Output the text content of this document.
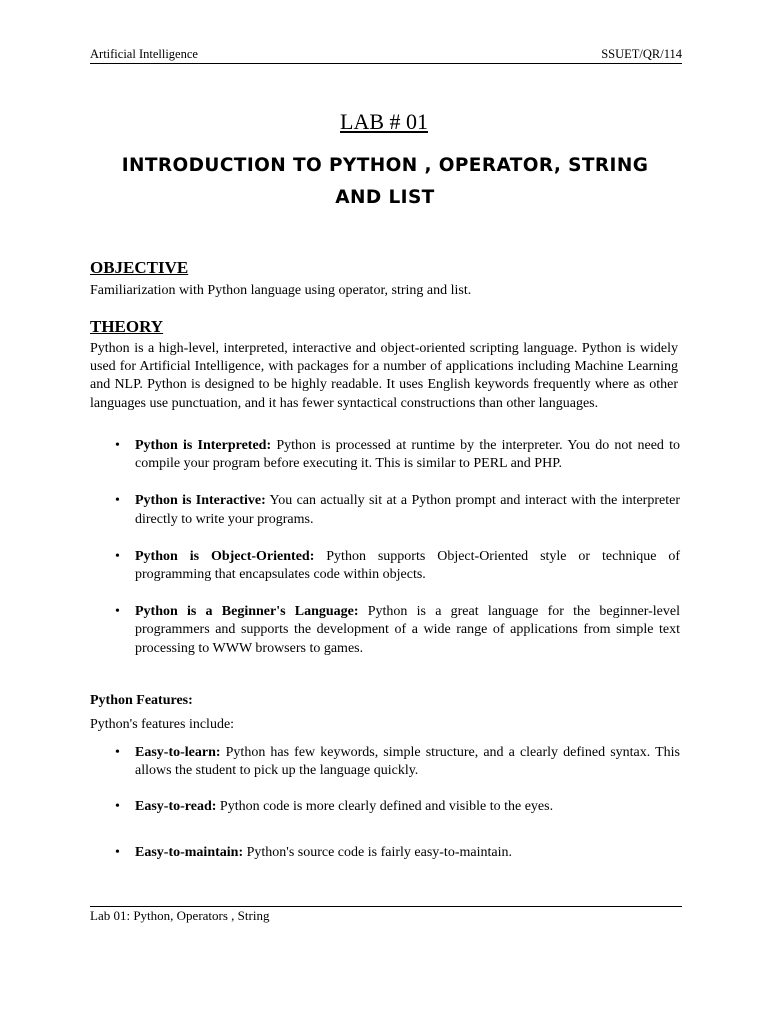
Artificial Intelligence	SSUET/QR/114
LAB # 01
INTRODUCTION TO PYTHON , OPERATOR, STRING
AND LIST
OBJECTIVE
Familiarization with Python language using operator, string and list.
THEORY
Python is a high-level, interpreted, interactive and object-oriented scripting language. Python is widely used for Artificial Intelligence, with packages for a number of applications including Machine Learning and NLP. Python is designed to be highly readable. It uses English keywords frequently where as other languages use punctuation, and it has fewer syntactical constructions than other languages.
• Python is Interpreted: Python is processed at runtime by the interpreter. You do not need to compile your program before executing it. This is similar to PERL and PHP.
• Python is Interactive: You can actually sit at a Python prompt and interact with the interpreter directly to write your programs.
• Python is Object-Oriented: Python supports Object-Oriented style or technique of programming that encapsulates code within objects.
• Python is a Beginner's Language: Python is a great language for the beginner-level programmers and supports the development of a wide range of applications from simple text processing to WWW browsers to games.
Python Features:
Python's features include:
• Easy-to-learn: Python has few keywords, simple structure, and a clearly defined syntax. This allows the student to pick up the language quickly.
• Easy-to-read: Python code is more clearly defined and visible to the eyes.
• Easy-to-maintain: Python's source code is fairly easy-to-maintain.
Lab 01: Python, Operators , String
